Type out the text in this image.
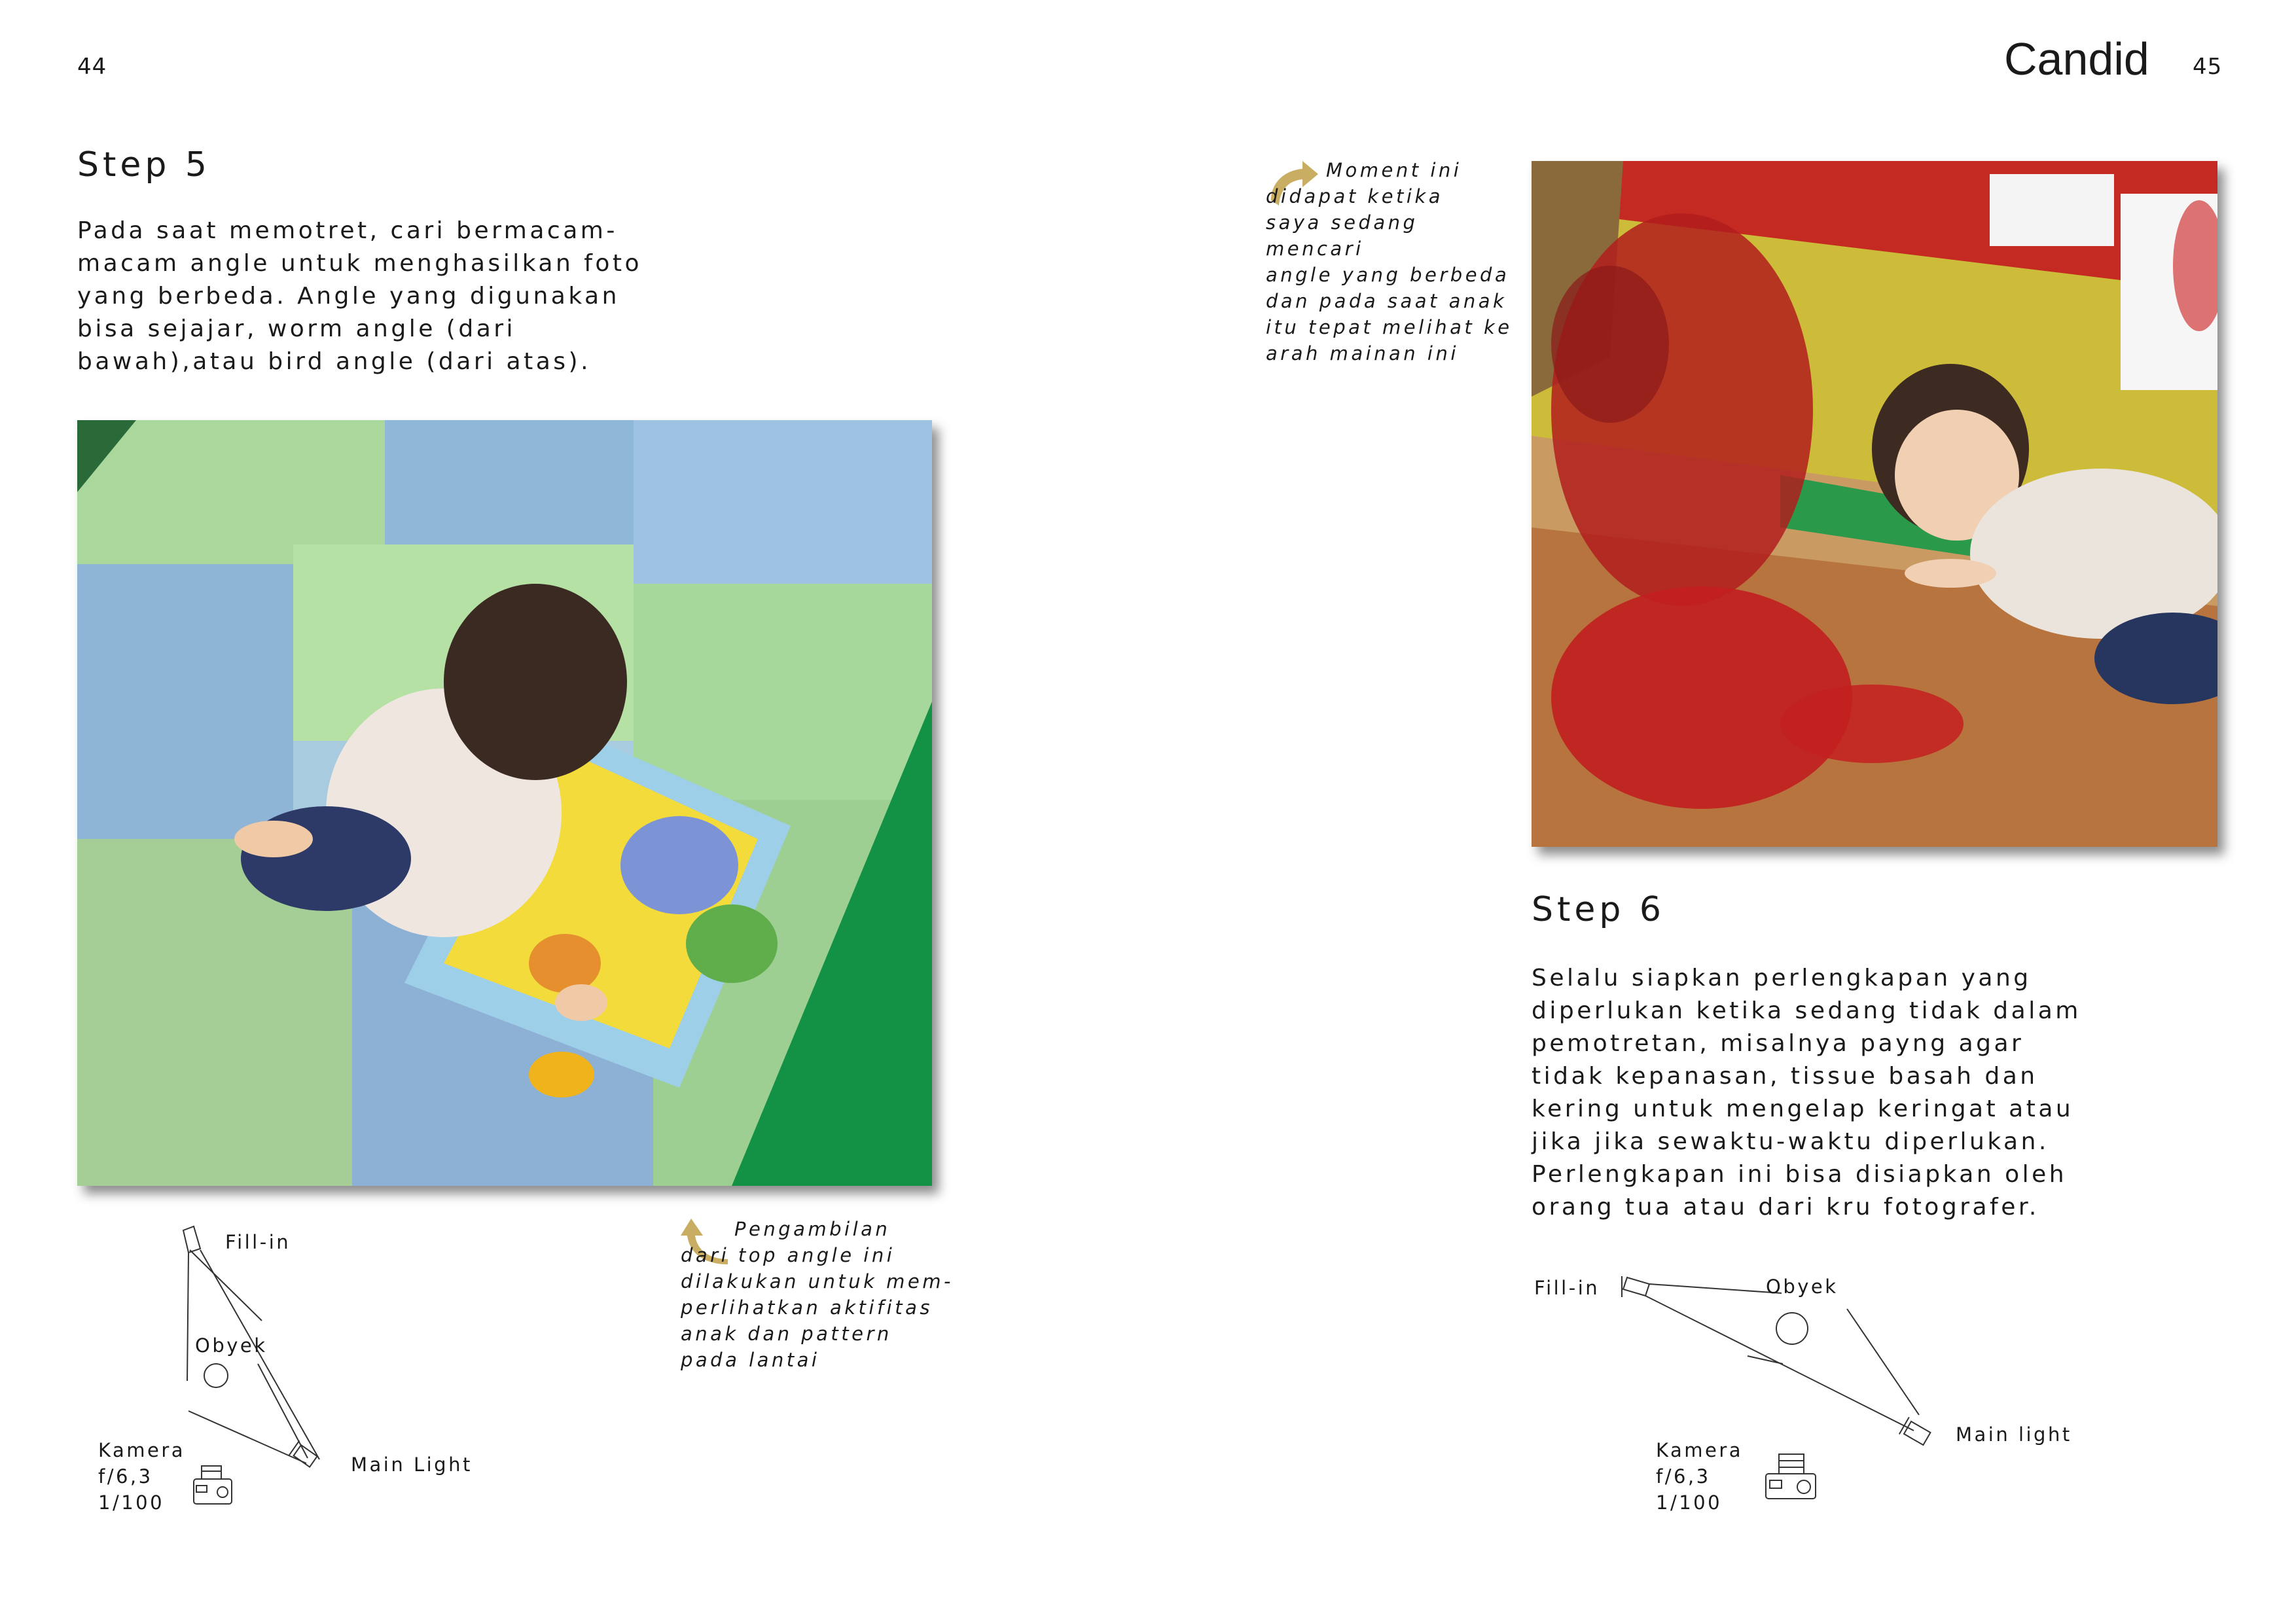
44
Step 5
Pada saat memotret, cari bermacam-
macam angle untuk menghasilkan foto
yang berbeda. Angle yang digunakan
bisa sejajar, worm angle (dari
bawah),atau bird angle (dari atas).
Pengambilan
dari top angle ini
dilakukan untuk mem-
perlihatkan aktifitas
anak dan pattern
pada lantai
Fill-in
Obyek
Main Light
Kamera
f/6,3
1/100
Candid 45
Moment ini
didapat ketika
saya sedang mencari
angle yang berbeda
dan pada saat anak
itu tepat melihat ke
arah mainan ini
Step 6
Selalu siapkan perlengkapan yang
diperlukan ketika sedang tidak dalam
pemotretan, misalnya payng agar
tidak kepanasan, tissue basah dan
kering untuk mengelap keringat atau
jika jika sewaktu-waktu diperlukan.
Perlengkapan ini bisa disiapkan oleh
orang tua atau dari kru fotografer.
Fill-in	Obyek
Main light
Kamera
f/6,3
1/100
